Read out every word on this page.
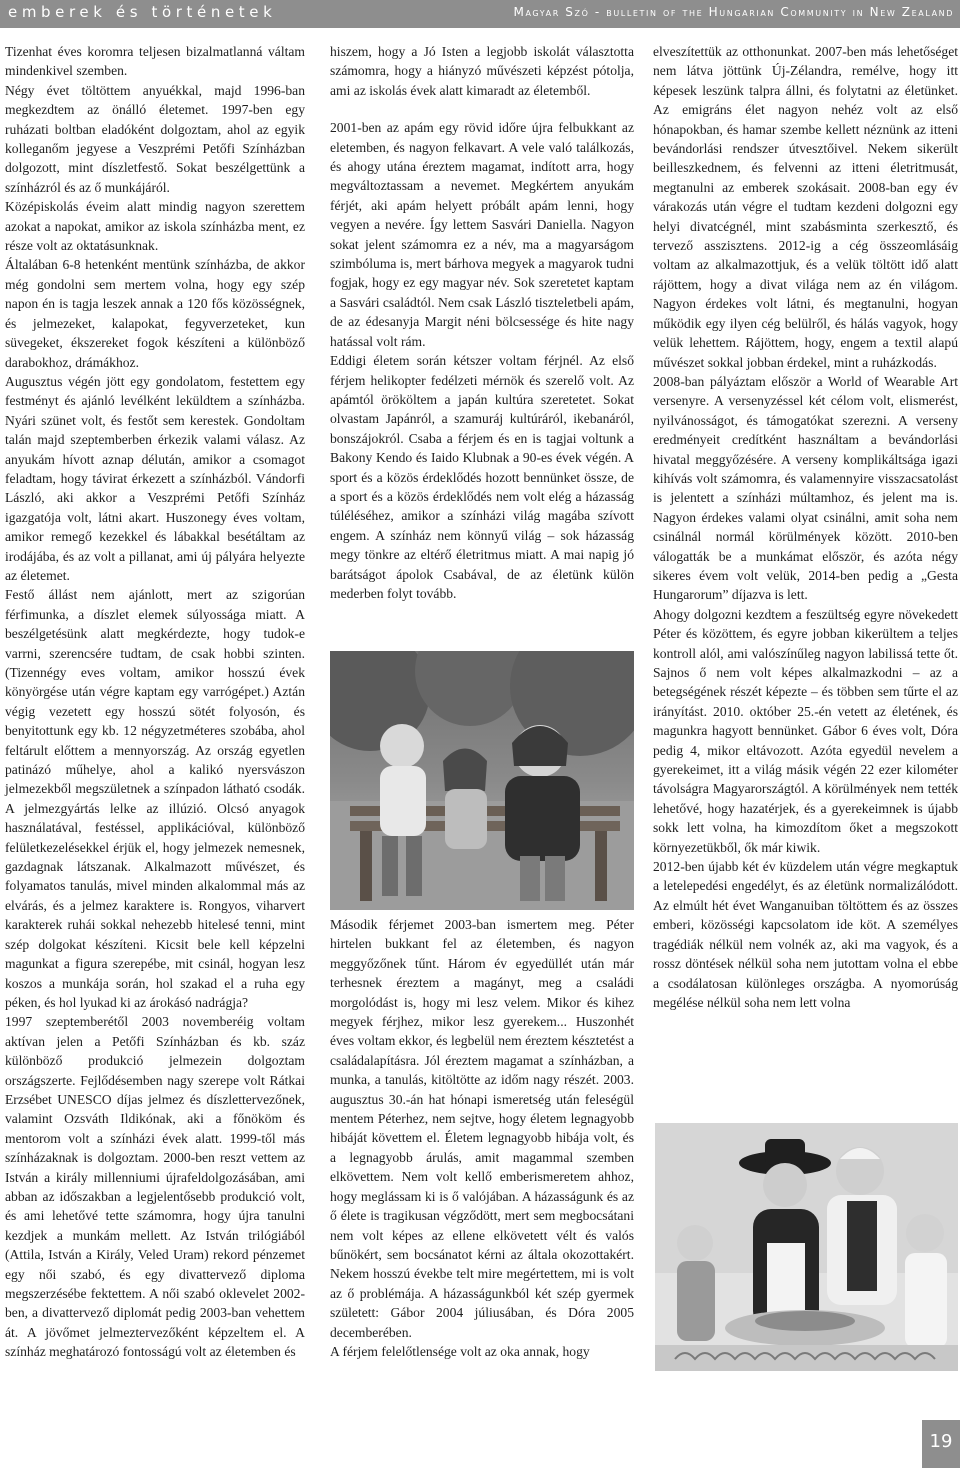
emberek és történetek	Magyar Szó - bulletin of the Hungarian Community in New Zealand

Tizenhat éves koromra teljesen bizalmatlanná váltam mindenkivel szemben.

Négy évet töltöttem anyuékkal, majd 1996-ban megkezdtem az önálló életemet. 1997-ben egy ruházati boltban eladóként dolgoztam, ahol az egyik kolleganőm jegyese a Veszprémi Petőfi Színházban dolgozott, mint díszletfestő. Sokat beszélgettünk a színházról és az ő munkájáról.

Középiskolás éveim alatt mindig nagyon szerettem azokat a napokat, amikor az iskola színházba ment, ez része volt az oktatásunknak.

Általában 6-8 hetenként mentünk színházba, de akkor még gondolni sem mertem volna, hogy egy szép napon én is tagja leszek annak a 120 fős közösségnek, és jelmezeket, kalapokat, fegyverzeteket, kun süvegeket, ékszereket fogok készíteni a különböző darabokhoz, drámákhoz.

Augusztus végén jött egy gondolatom, festettem egy festményt és ajánló levélként leküldtem a színházba. Nyári szünet volt, és festőt sem kerestek. Gondoltam talán majd szeptemberben érkezik valami válasz. Az anyukám hívott aznap délután, amikor a csomagot feladtam, hogy távirat érkezett a színházból. Vándorfi László, aki akkor a Veszprémi Petőfi Színház igazgatója volt, látni akart. Huszonegy éves voltam, amikor remegő kezekkel és lábakkal besétáltam az irodájába, és az volt a pillanat, ami új pályára helyezte az életemet.

Festő állást nem ajánlott, mert az szigorúan férfimunka, a díszlet elemek súlyossága miatt. A beszélgetésünk alatt megkérdezte, hogy tudok-e varrni, szerencsére tudtam, de csak hobbi szinten. (Tizennégy eves voltam, amikor hosszú évek könyörgése után végre kaptam egy varrógépet.) Aztán végig vezetett egy hosszú sötét folyosón, és benyitottunk egy kb. 12 négyzetméteres szobába, ahol feltárult előttem a mennyország. Az ország egyetlen patinázó műhelye, ahol a kalikó nyersvászon jelmezekből megszületnek a színpadon látható csodák. A jelmezgyártás lelke az illúzió. Olcsó anyagok használatával, festéssel, applikációval, különböző felületkezelésekkel érjük el, hogy jelmezek nemesnek, gazdagnak látszanak. Alkalmazott művészet, és folyamatos tanulás, mivel minden alkalommal más az elvárás, és a jelmez karaktere is. Rongyos, viharvert karakterek ruhái sokkal nehezebb hitelesé tenni, mint szép dolgokat készíteni. Kicsit bele kell képzelni magunkat a figura szerepébe, mit csinál, hogyan lesz koszos a munkája során, hol szakad el a ruha egy péken, és hol lyukad ki az árokásó nadrágja?

1997 szeptemberétől 2003 novemberéig voltam aktívan jelen a Petőfi Színházban és kb. száz különböző produkció jelmezein dolgoztam országszerte. Fejlődésemben nagy szerepe volt Rátkai Erzsébet UNESCO díjas jelmez és díszlettervezőnek, valamint Ozsváth Ildikónak, aki a főnököm és mentorom volt a színházi évek alatt. 1999-től más színházaknak is dolgoztam. 2000-ben reszt vettem az István a király millenniumi újrafeldolgozásában, ami abban az időszakban a legjelentősebb produkció volt, és ami lehetővé tette számomra, hogy újra tanulni kezdjek a munkám mellett. Az István trilógiából (Attila, István a Király, Veled Uram) rekord pénzemet egy női szabó, és egy divattervező diploma megszerzésébe fektettem. A női szabó oklevelet 2002-ben, a divattervező diplomát pedig 2003-ban vehettem át. A jövőmet jelmeztervezőként képzeltem el. A színház meghatározó fontosságú volt az életemben és

hiszem, hogy a Jó Isten a legjobb iskolát választotta számomra, hogy a hiányzó művészeti képzést pótolja, ami az iskolás évek alatt kimaradt az életemből.

2001-ben az apám egy rövid időre újra felbukkant az eletemben, és nagyon felkavart. A vele való találkozás, és ahogy utána éreztem magamat, indított arra, hogy megváltoztassam a nevemet. Megkértem anyukám férjét, aki apám helyett próbált apám lenni, hogy vegyen a nevére. Így lettem Sasvári Daniella. Nagyon sokat jelent számomra ez a név, ma a magyarságom szimbóluma is, mert bárhova megyek a magyarok tudni fogjak, hogy ez egy magyar név. Sok szeretetet kaptam a Sasvári családtól. Nem csak László tiszteletbeli apám, de az édesanyja Margit néni bölcsessége és hite nagy hatással volt rám.

Eddigi életem során kétszer voltam férjnél. Az első férjem helikopter fedélzeti mérnök és szerelő volt. Az apámtól örököltem a japán kultúra szeretetet. Sokat olvastam Japánról, a szamuráj kultúráról, ikebanáról, bonszájokról. Csaba a férjem és en is tagjai voltunk a Bakony Kendo és Iaido Klubnak a 90-es évek végén. A sport és a közös érdeklődés hozott bennünket össze, de a sport és a közös érdeklődés nem volt elég a házasság túléléséhez, amikor a színházi világ magába szívott engem. A színház nem könnyű világ – sok házasság megy tönkre az eltérő életritmus miatt. A mai napig jó barátságot ápolok Csabával, de az életünk külön mederben folyt tovább.

Második férjemet 2003-ban ismertem meg. Péter hirtelen bukkant fel az életemben, és nagyon meggyőzőnek tűnt. Három év egyedüllét után már terhesnek éreztem a magányt, meg a családi morgolódást is, hogy mi lesz velem. Mikor és kihez megyek férjhez, mikor lesz gyerekem... Huszonhét éves voltam ekkor, és legbelül nem éreztem késztetést a családalapításra. Jól éreztem magamat a színházban, a munka, a tanulás, kitöltötte az időm nagy részét. 2003. augusztus 30.-án hat hónapi ismeretség után feleségül mentem Péterhez, nem sejtve, hogy életem legnagyobb hibáját követtem el. Életem legnagyobb hibája volt, és a legnagyobb árulás, amit magammal szemben elkövettem. Nem volt kellő emberismeretem ahhoz, hogy meglássam ki is ő valójában. A házasságunk és az ő élete is tragikusan végződött, mert sem megbocsátani nem volt képes az ellene elkövetett vélt és valós bűnökért, sem bocsánatot kérni az általa okozottakért. Nekem hosszú évekbe telt mire megértettem, mi is volt az ő problémája. A házasságunkból két szép gyermek született: Gábor 2004 júliusában, és Dóra 2005 decemberében.

A férjem felelőtlensége volt az oka annak, hogy

elveszítettük az otthonunkat. 2007-ben más lehetőséget nem látva jöttünk Új-Zélandra, remélve, hogy itt képesek leszünk talpra állni, és folytatni az életünket. Az emigráns élet nagyon nehéz volt az első hónapokban, és hamar szembe kellett néznünk az itteni bevándorlási rendszer útvesztőivel. Nekem sikerült beilleszkednem, és felvenni az itteni életritmusát, megtanulni az emberek szokásait. 2008-ban egy év várakozás után végre el tudtam kezdeni dolgozni egy helyi divatcégnél, mint szabásminta szerkesztő, és tervező asszisztens. 2012-ig a cég összeomlásáig voltam az alkalmazottjuk, és a velük töltött idő alatt rájöttem, hogy a divat világa nem az én világom. Nagyon érdekes volt látni, és megtanulni, hogyan működik egy ilyen cég belülről, és hálás vagyok, hogy velük lehettem. Rájöttem, hogy, engem a textil alapú művészet sokkal jobban érdekel, mint a ruházkodás.

2008-ban pályáztam először a World of Wearable Art versenyre. A versenyzéssel két célom volt, elismerést, nyilvánosságot, és támogatókat szerezni. A verseny eredményeit credítként használtam a bevándorlási hivatal meggyőzésére. A verseny komplikáltsága igazi kihívás volt számomra, és valamennyire visszacsatolást is jelentett a színházi múltamhoz, és jelent ma is. Nagyon érdekes valami olyat csinálni, amit soha nem csinálnál normál körülmények között. 2010-ben válogatták be a munkámat először, és azóta négy sikeres évem volt velük, 2014-ben pedig a „Gesta Hungarorum” díjazva is lett.

Ahogy dolgozni kezdtem a feszültség egyre növekedett Péter és közöttem, és egyre jobban kikerültem a teljes kontroll alól, ami valószínűleg nagyon labilissá tette őt. Sajnos ő nem volt képes alkalmazkodni – az a betegségének részét képezte – és többen sem tűrte el az irányítást. 2010. október 25.-én vetett az életének, és magunkra hagyott bennünket. Gábor 6 éves volt, Dóra pedig 4, mikor eltávozott. Azóta egyedül nevelem a gyerekeimet, itt a világ másik végén 22 ezer kilométer távolságra Magyarországtól. A körülmények nem tették lehetővé, hogy hazatérjek, és a gyerekeimnek is újabb sokk lett volna, ha kimozdítom őket a megszokott környezetükből, ők már kiwik.

2012-ben újabb két év küzdelem után végre megkaptuk a letelepedési engedélyt, és az életünk normalizálódott. Az elmúlt hét évet Wanganuiban töltöttem és az összes emberi, közösségi kapcsolatom ide köt. A személyes tragédiák nélkül nem volnék az, aki ma vagyok, és a rossz döntések nélkül soha nem jutottam volna el ebbe a csodálatosan különleges országba. A nyomorúság megélése nélkül soha nem lett volna

19
